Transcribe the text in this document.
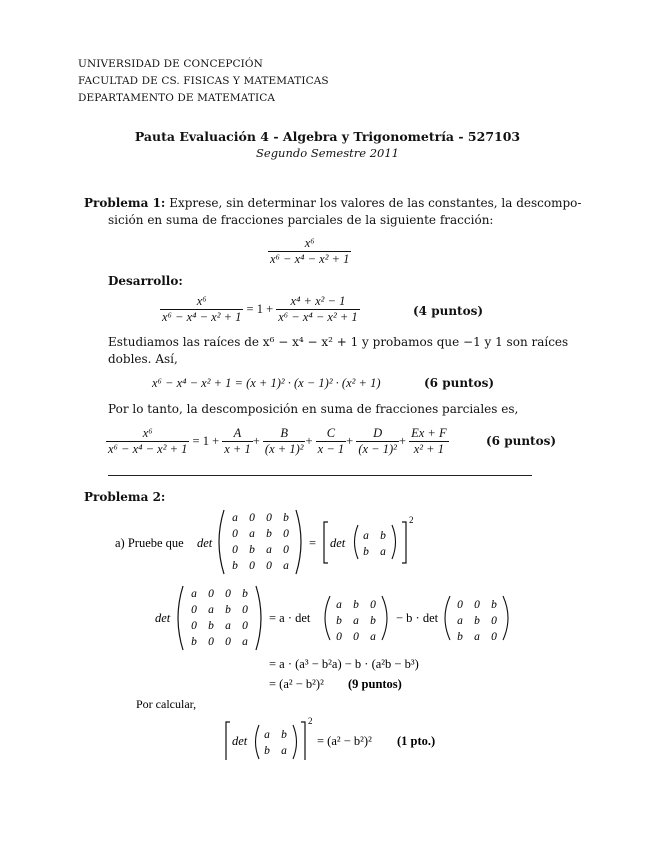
UNIVERSIDAD DE CONCEPCIÓN
FACULTAD DE CS. FISICAS Y MATEMATICAS
DEPARTAMENTO DE MATEMATICA
Pauta Evaluación 4 - Algebra y Trigonometría - 527103
Segundo Semestre 2011
Problema 1: Exprese, sin determinar los valores de las constantes, la descompo-
sición en suma de fracciones parciales de la siguiente fracción:
$\frac{\text{x⁶}}{\text{x⁶ − x⁴ − x² + 1}}$
Desarrollo:
$\frac{\text{x⁶}}{\text{x⁶ − x⁴ − x² + 1}} = 1 + \frac{\text{x⁴ + x² − 1}}{\text{x⁶ − x⁴ − x² + 1}}$	(4 puntos)
Estudiamos las raíces de x⁶ − x⁴ − x² + 1 y probamos que −1 y 1 son raíces
dobles. Así,
x⁶ − x⁴ − x² + 1 = (x + 1)² · (x − 1)² · (x² + 1)	(6 puntos)
Por lo tanto, la descomposición en suma de fracciones parciales es,
$\frac{\text{x⁶}}{\text{x⁶ − x⁴ − x² + 1}} = 1 + \frac{A}{x + 1} + \frac{B}{\text{(x + 1)²}} + \frac{C}{x - 1} + \frac{D}{\text{(x − 1)²}} + \frac{Ex + F}{\text{x² + 1}}$	(6 puntos)
Problema 2:
a) Pruebe que det
a 0 0 b
0 a b 0
0 b a 0
b 0 0 a
= det a b
b a
2
det
a 0 0 b
0 a b 0
0 b a 0
b 0 0 a
= a · det
a b 0
b a b
0 0 a
− b · det
0 0 b
a b 0
b a 0
= a · (a³ − b²a) − b · (a²b − b³)
= (a² − b²)² (9 puntos)
Por calcular,
det a b
b a
2
= (a² − b²)² (1 pto.)
